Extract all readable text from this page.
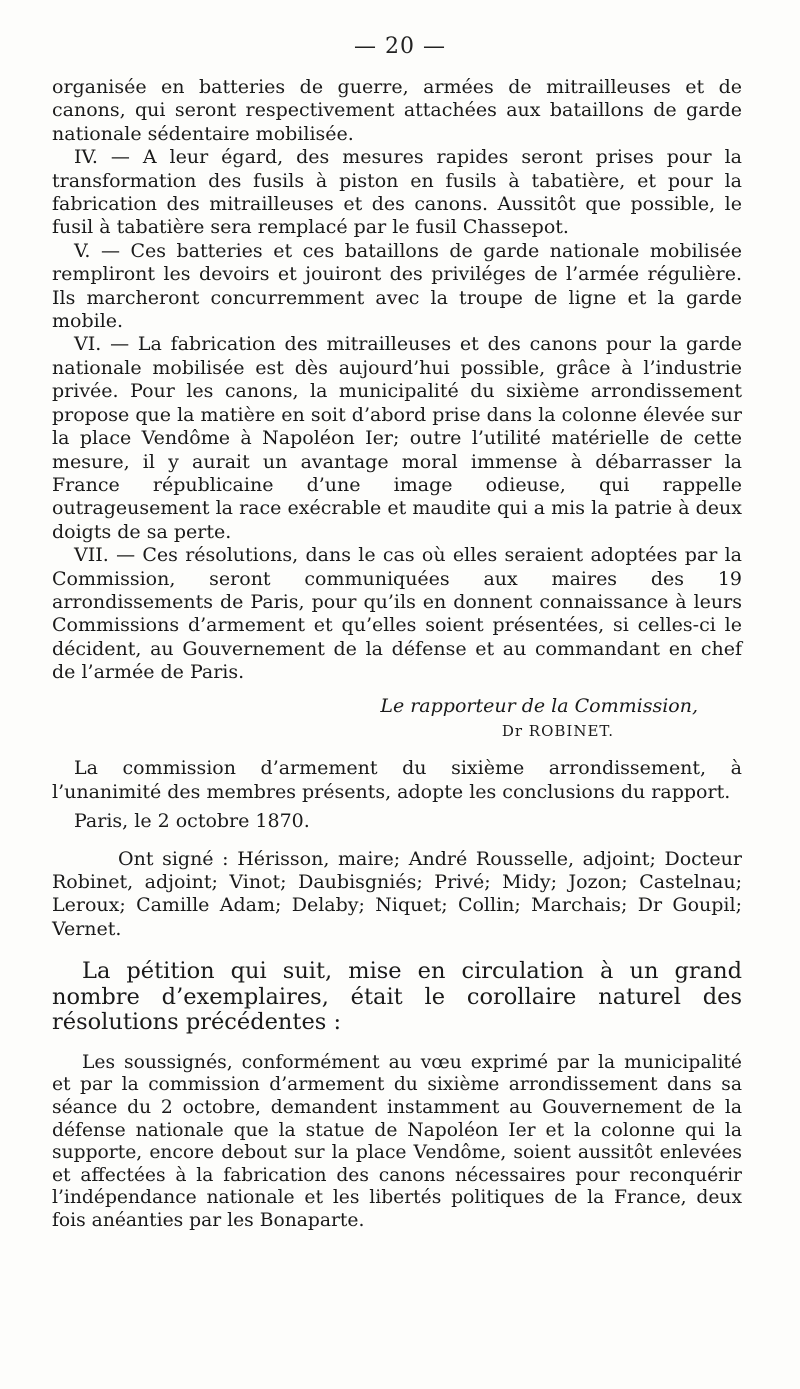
— 20 —

organisée en batteries de guerre, armées de mitrailleuses et de canons, qui seront respectivement attachées aux bataillons de garde nationale sédentaire mobilisée.

IV. — A leur égard, des mesures rapides seront prises pour la transformation des fusils à piston en fusils à tabatière, et pour la fabrication des mitrailleuses et des canons. Aussitôt que possible, le fusil à tabatière sera remplacé par le fusil Chassepot.

V. — Ces batteries et ces bataillons de garde nationale mobilisée rempliront les devoirs et jouiront des priviléges de l’armée régulière. Ils marcheront concurremment avec la troupe de ligne et la garde mobile.

VI. — La fabrication des mitrailleuses et des canons pour la garde nationale mobilisée est dès aujourd’hui possible, grâce à l’industrie privée. Pour les canons, la municipalité du sixième arrondissement propose que la matière en soit d’abord prise dans la colonne élevée sur la place Vendôme à Napoléon Ier; outre l’utilité matérielle de cette mesure, il y aurait un avantage moral immense à débarrasser la France républicaine d’une image odieuse, qui rappelle outrageusement la race exécrable et maudite qui a mis la patrie à deux doigts de sa perte.

VII. — Ces résolutions, dans le cas où elles seraient adoptées par la Commission, seront communiquées aux maires des 19 arrondissements de Paris, pour qu’ils en donnent connaissance à leurs Commissions d’armement et qu’elles soient présentées, si celles-ci le décident, au Gouvernement de la défense et au commandant en chef de l’armée de Paris.

Le rapporteur de la Commission,

Dr ROBINET.

La commission d’armement du sixième arrondissement, à l’unanimité des membres présents, adopte les conclusions du rapport.

Paris, le 2 octobre 1870.

Ont signé : Hérisson, maire; André Rousselle, adjoint; Docteur Robinet, adjoint; Vinot; Daubisgniés; Privé; Midy; Jozon; Castelnau; Leroux; Camille Adam; Delaby; Niquet; Collin; Marchais; Dr Goupil; Vernet.

La pétition qui suit, mise en circulation à un grand nombre d’exemplaires, était le corollaire naturel des résolutions précédentes :

Les soussignés, conformément au vœu exprimé par la municipalité et par la commission d’armement du sixième arrondissement dans sa séance du 2 octobre, demandent instamment au Gouvernement de la défense nationale que la statue de Napoléon Ier et la colonne qui la supporte, encore debout sur la place Vendôme, soient aussitôt enlevées et affectées à la fabrication des canons nécessaires pour reconquérir l’indépendance nationale et les libertés politiques de la France, deux fois anéanties par les Bonaparte.
